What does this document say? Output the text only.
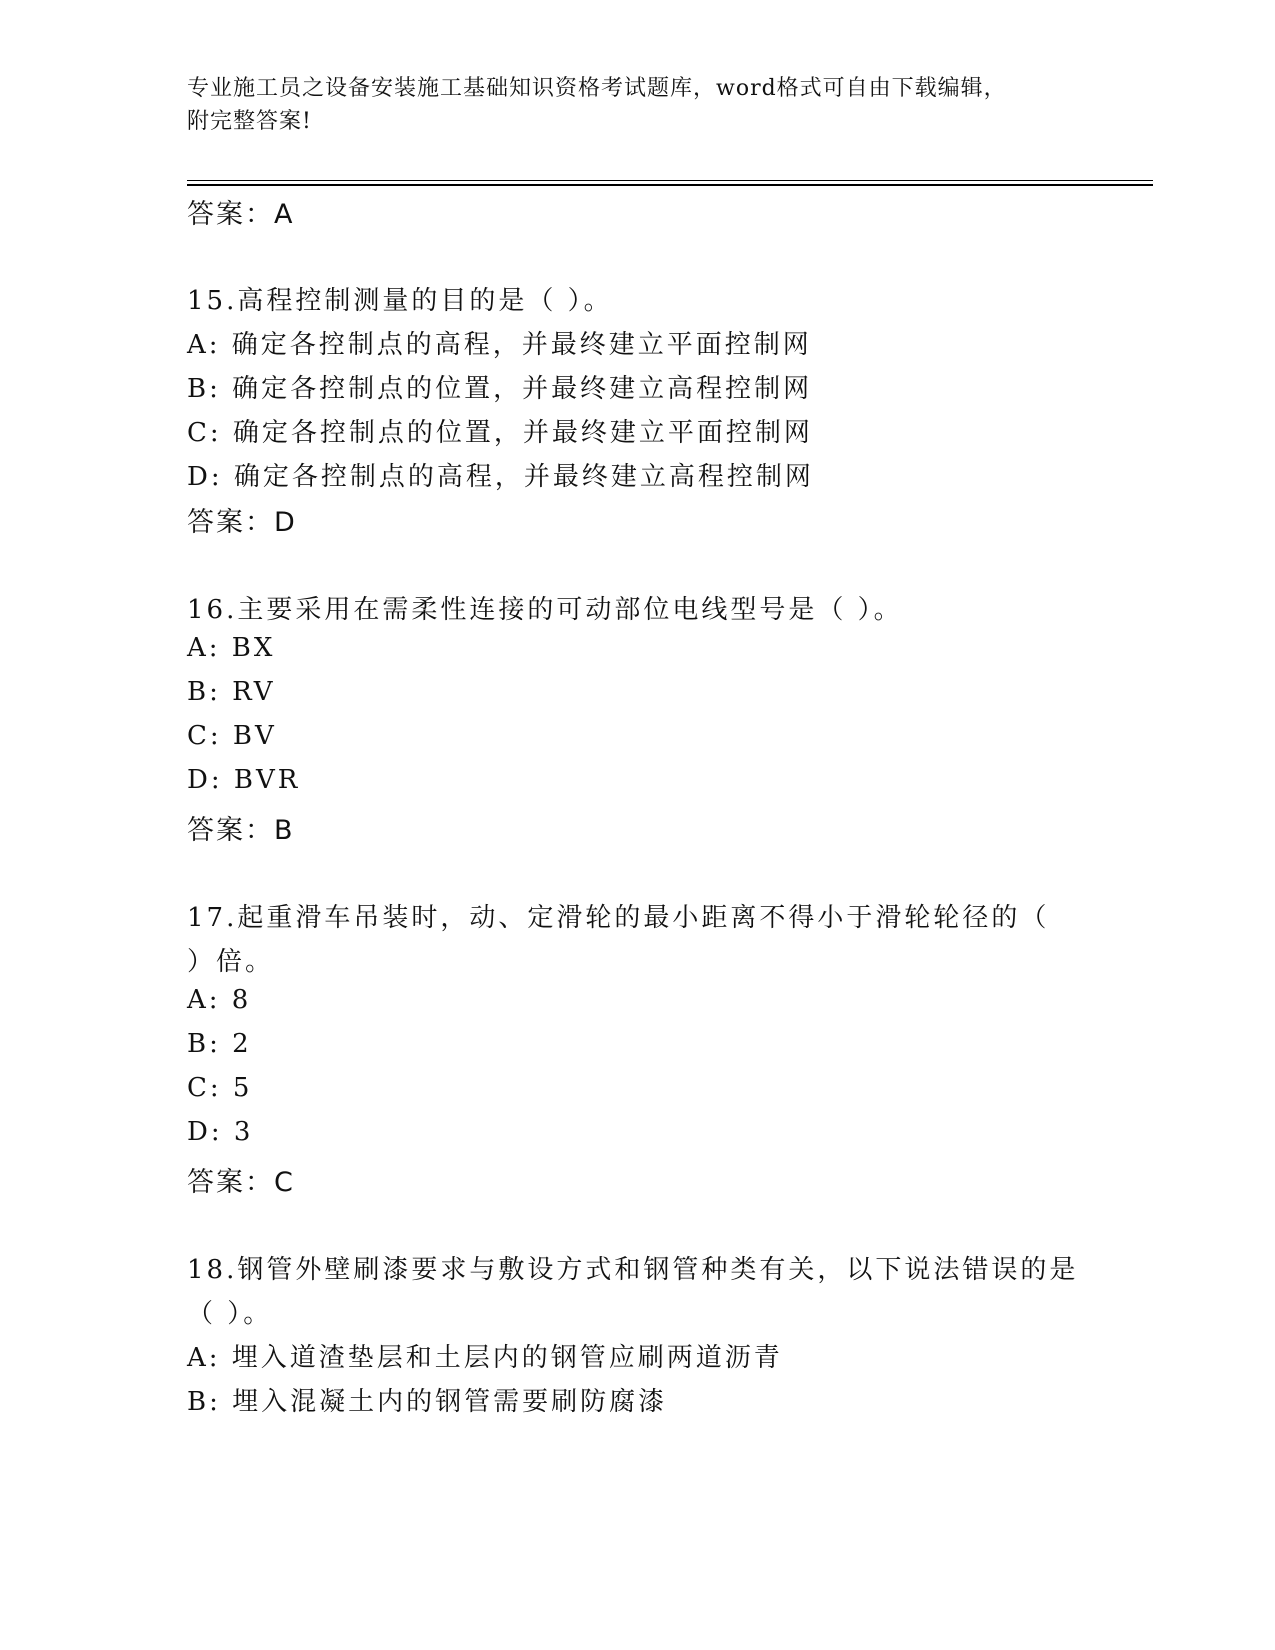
专业施工员之设备安装施工基础知识资格考试题库，word格式可自由下载编辑，
附完整答案!
答案：A
15.高程控制测量的目的是（ ）。
A: 确定各控制点的高程，并最终建立平面控制网
B: 确定各控制点的位置，并最终建立高程控制网
C: 确定各控制点的位置，并最终建立平面控制网
D: 确定各控制点的高程，并最终建立高程控制网
答案：D
16.主要采用在需柔性连接的可动部位电线型号是（ ）。
A: BX
B: RV
C: BV
D: BVR
答案：B
17.起重滑车吊装时，动、定滑轮的最小距离不得小于滑轮轮径的（
）倍。
A: 8
B: 2
C: 5
D: 3
答案：C
18.钢管外壁刷漆要求与敷设方式和钢管种类有关，以下说法错误的是
（ ）。
A: 埋入道渣垫层和土层内的钢管应刷两道沥青
B: 埋入混凝土内的钢管需要刷防腐漆
